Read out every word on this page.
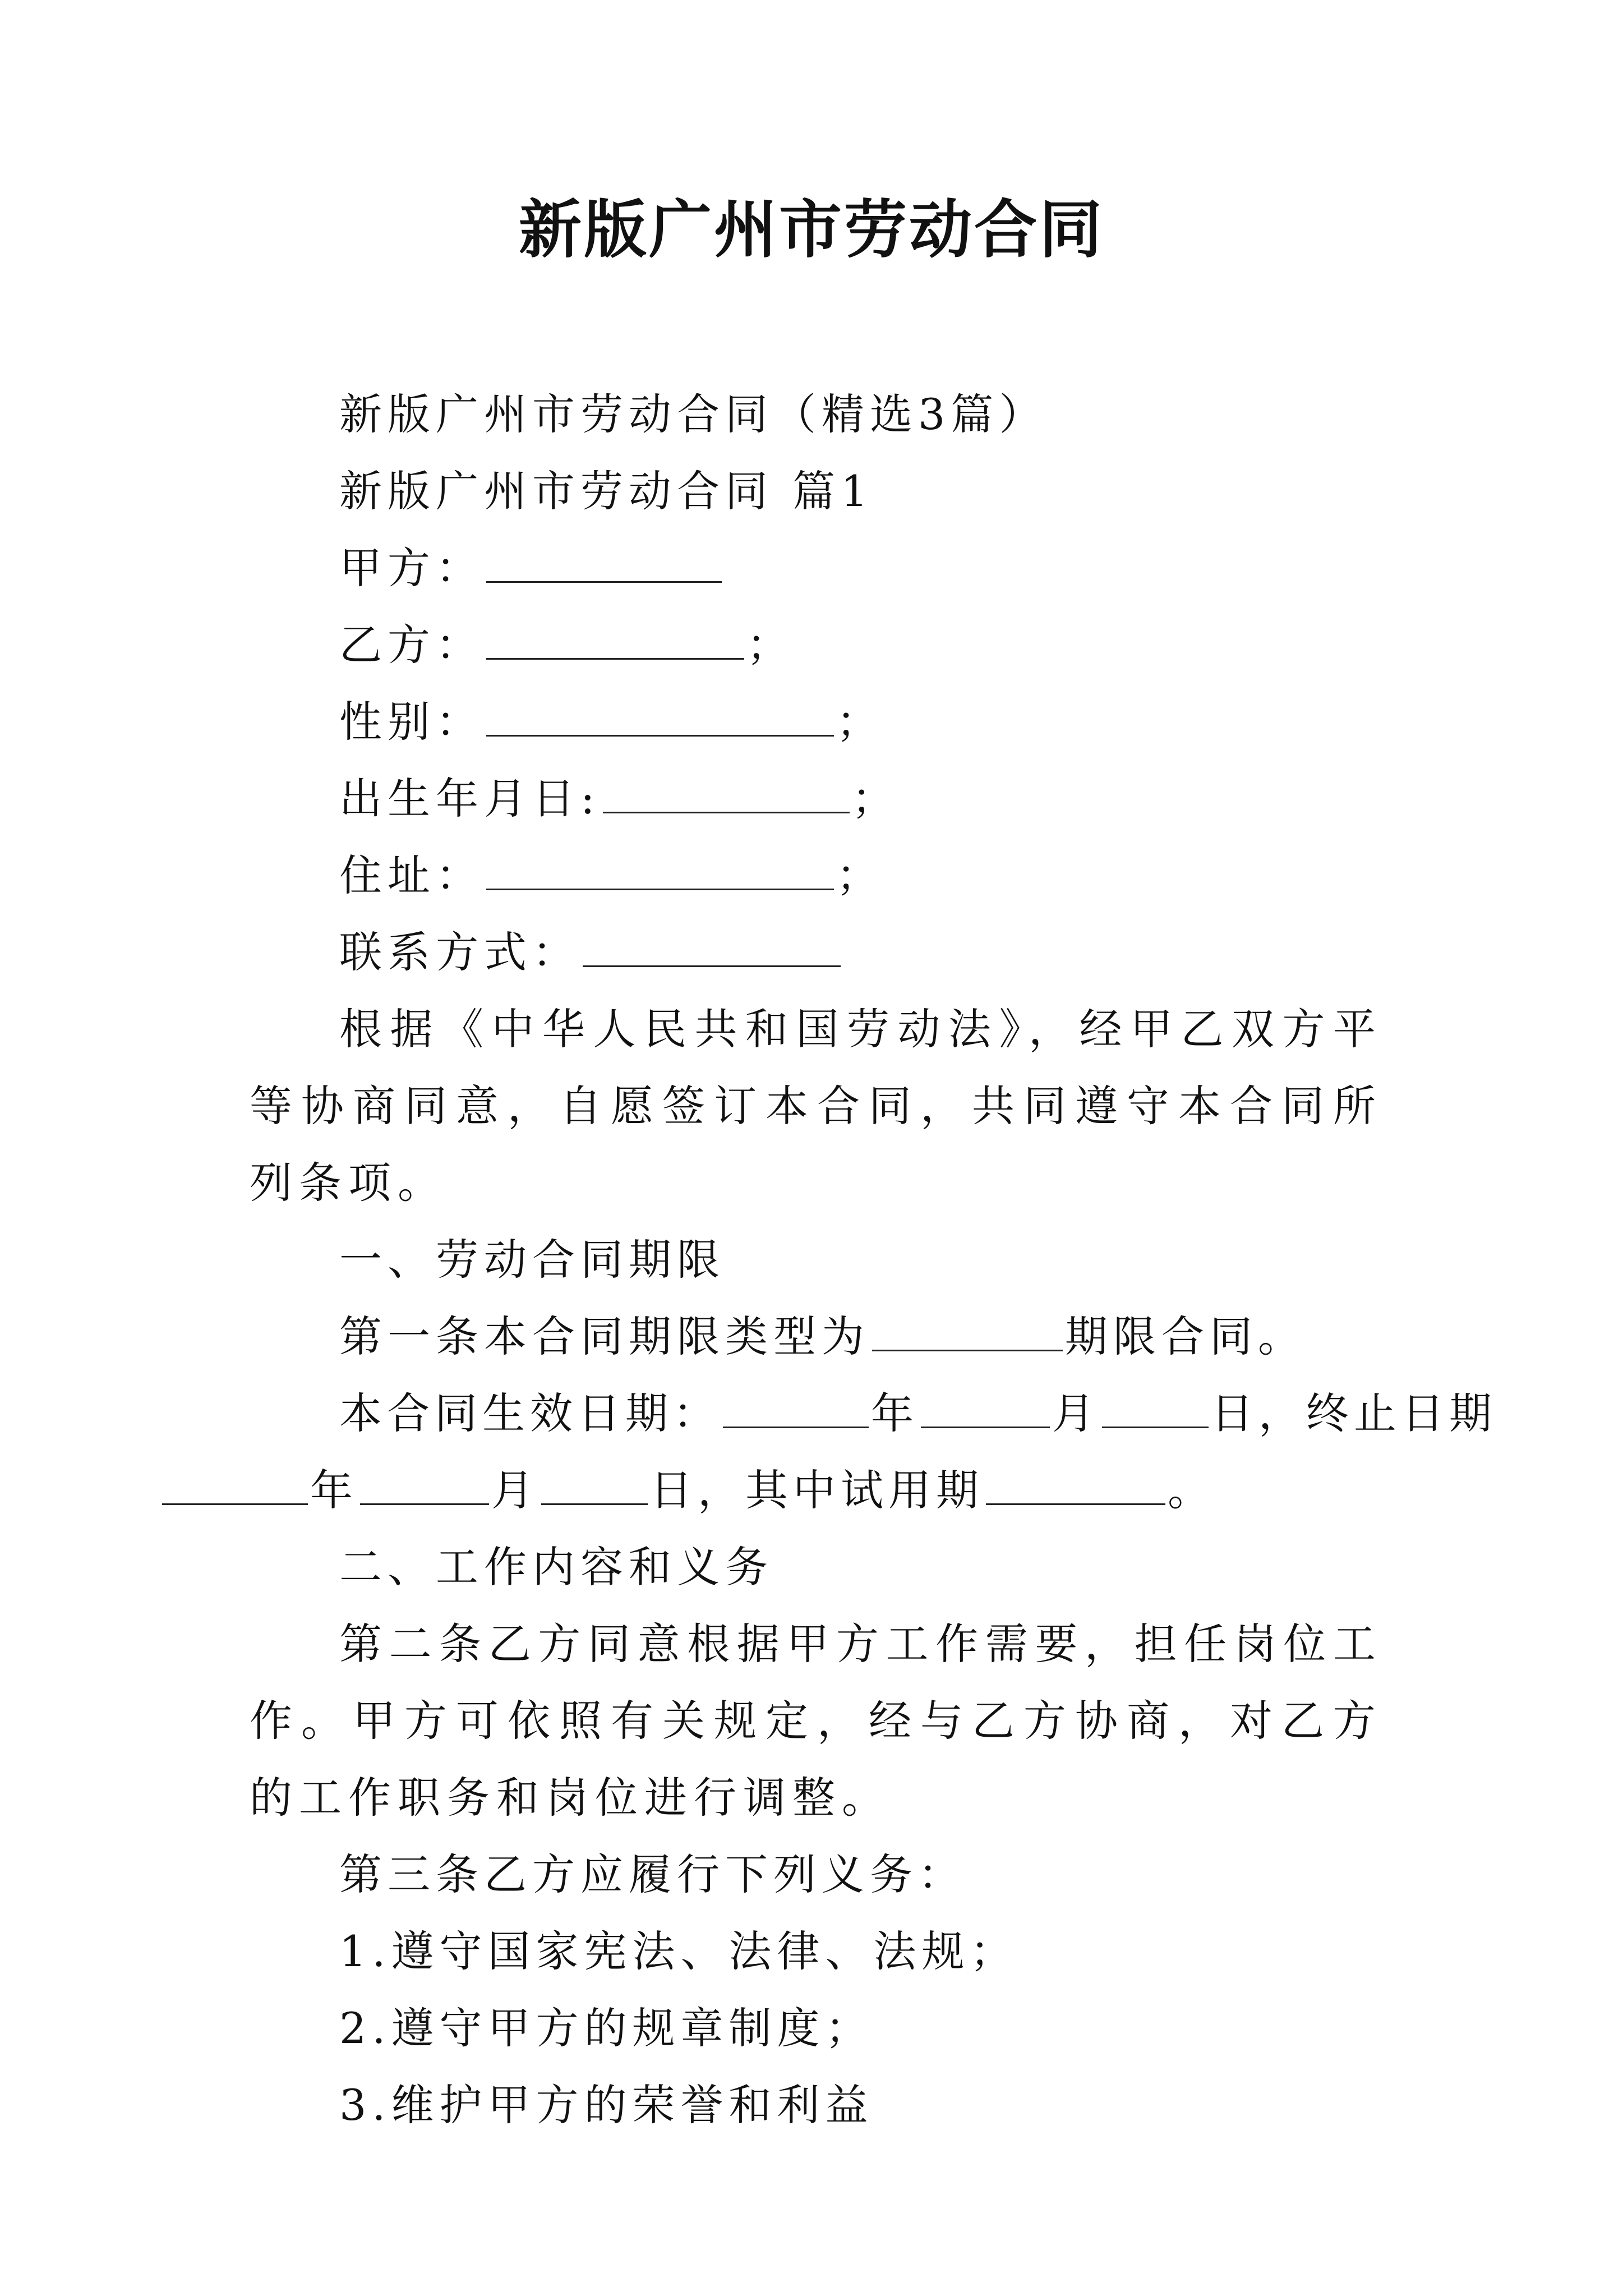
新版广州市劳动合同

新版广州市劳动合同（精选3篇）

新版广州市劳动合同 篇1

甲方：

乙方：	；

性别：	；

出生年月日:	；

住址：	；

联系方式：

根据《中华人民共和国劳动法》，经甲乙双方平等协商同意，自愿签订本合同，共同遵守本合同所列条项。

一、劳动合同期限

第一条本合同期限类型为	期限合同。

本合同生效日期：	年	月	日，终止日期

年	月	日，其中试用期	。

二、工作内容和义务

第二条乙方同意根据甲方工作需要，担任岗位工作。甲方可依照有关规定，经与乙方协商，对乙方的工作职务和岗位进行调整。

第三条乙方应履行下列义务：

1.遵守国家宪法、法律、法规；

2.遵守甲方的规章制度；

3.维护甲方的荣誉和利益
